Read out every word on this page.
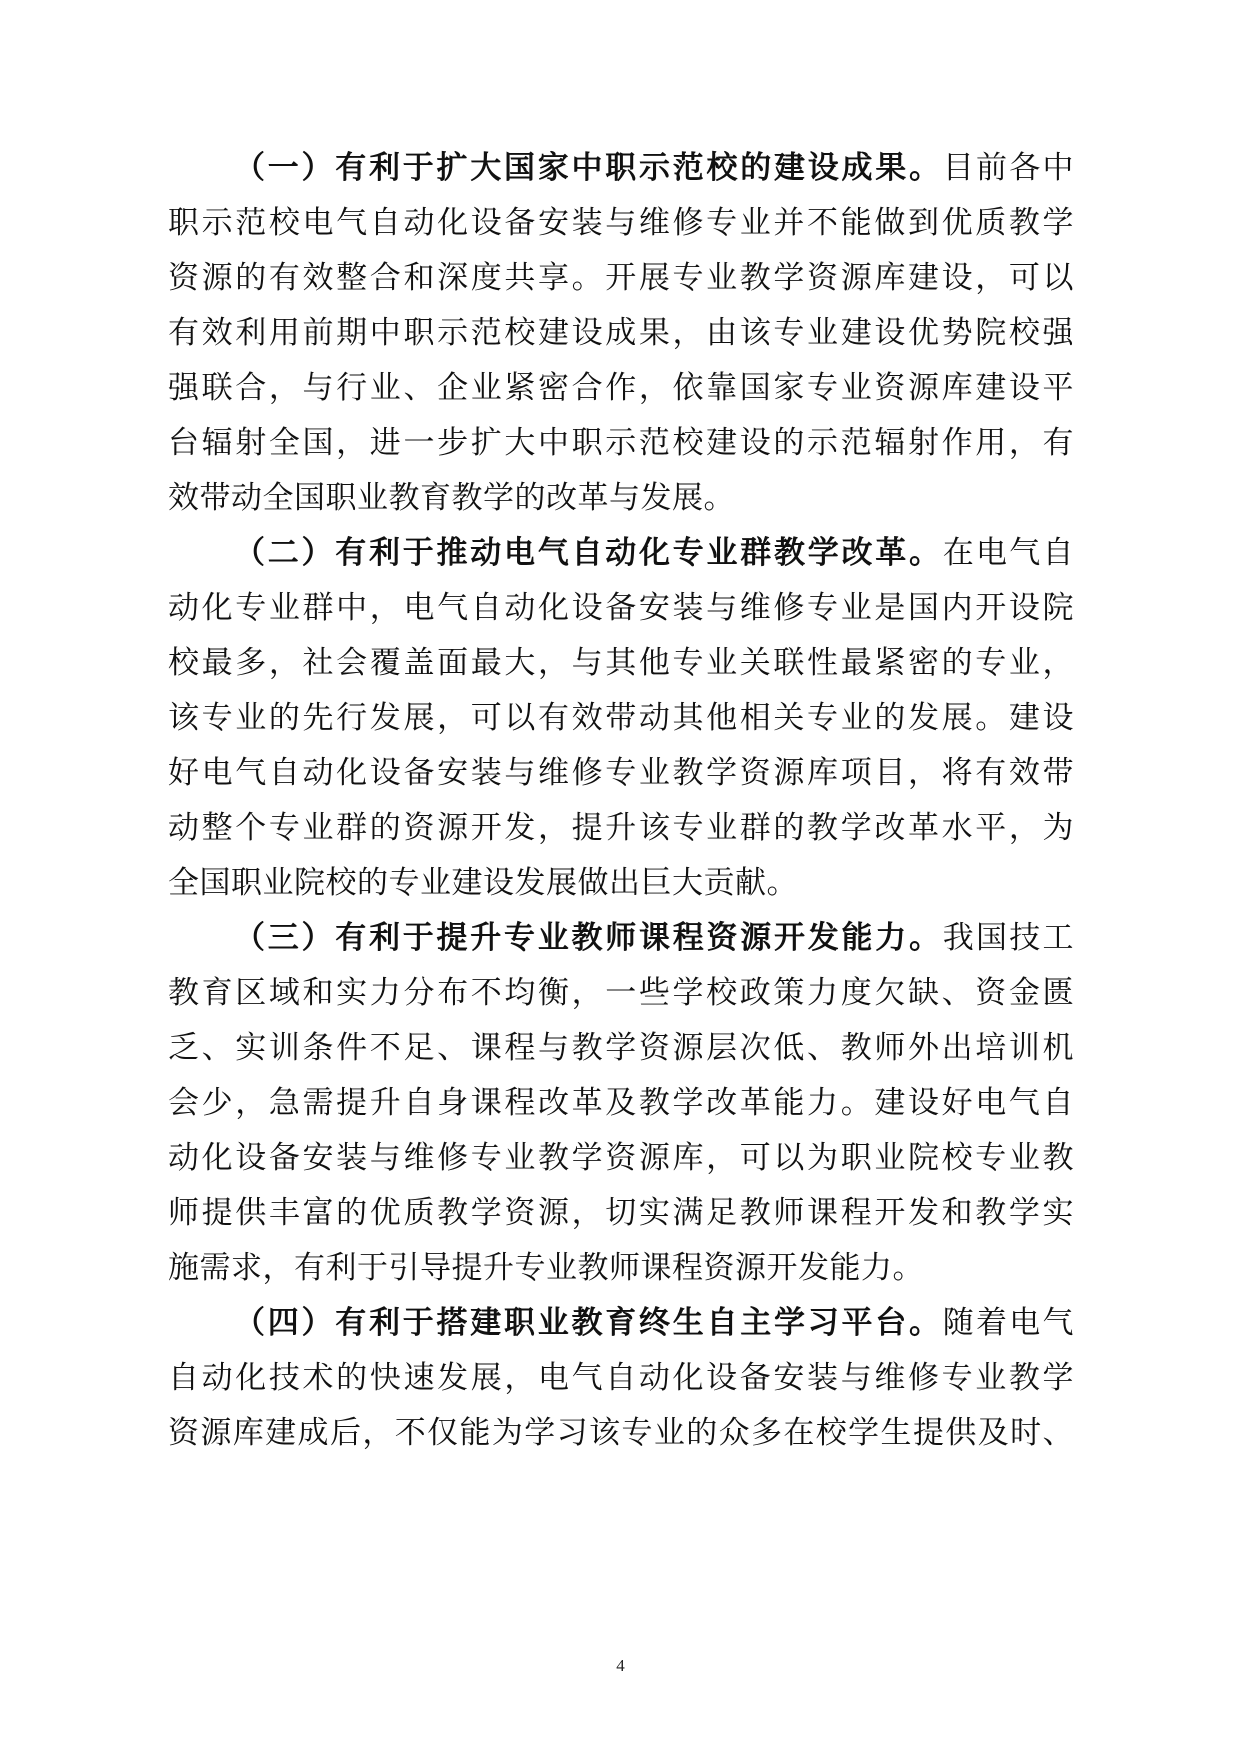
（一）有利于扩大国家中职示范校的建设成果。目前各中
职示范校电气自动化设备安装与维修专业并不能做到优质教学
资源的有效整合和深度共享。开展专业教学资源库建设，可以
有效利用前期中职示范校建设成果，由该专业建设优势院校强
强联合，与行业、企业紧密合作，依靠国家专业资源库建设平
台辐射全国，进一步扩大中职示范校建设的示范辐射作用，有
效带动全国职业教育教学的改革与发展。
（二）有利于推动电气自动化专业群教学改革。在电气自
动化专业群中，电气自动化设备安装与维修专业是国内开设院
校最多，社会覆盖面最大，与其他专业关联性最紧密的专业，
该专业的先行发展，可以有效带动其他相关专业的发展。建设
好电气自动化设备安装与维修专业教学资源库项目，将有效带
动整个专业群的资源开发，提升该专业群的教学改革水平，为
全国职业院校的专业建设发展做出巨大贡献。
（三）有利于提升专业教师课程资源开发能力。我国技工
教育区域和实力分布不均衡，一些学校政策力度欠缺、资金匮
乏、实训条件不足、课程与教学资源层次低、教师外出培训机
会少，急需提升自身课程改革及教学改革能力。建设好电气自
动化设备安装与维修专业教学资源库，可以为职业院校专业教
师提供丰富的优质教学资源，切实满足教师课程开发和教学实
施需求，有利于引导提升专业教师课程资源开发能力。
（四）有利于搭建职业教育终生自主学习平台。随着电气
自动化技术的快速发展，电气自动化设备安装与维修专业教学
资源库建成后，不仅能为学习该专业的众多在校学生提供及时、
4
